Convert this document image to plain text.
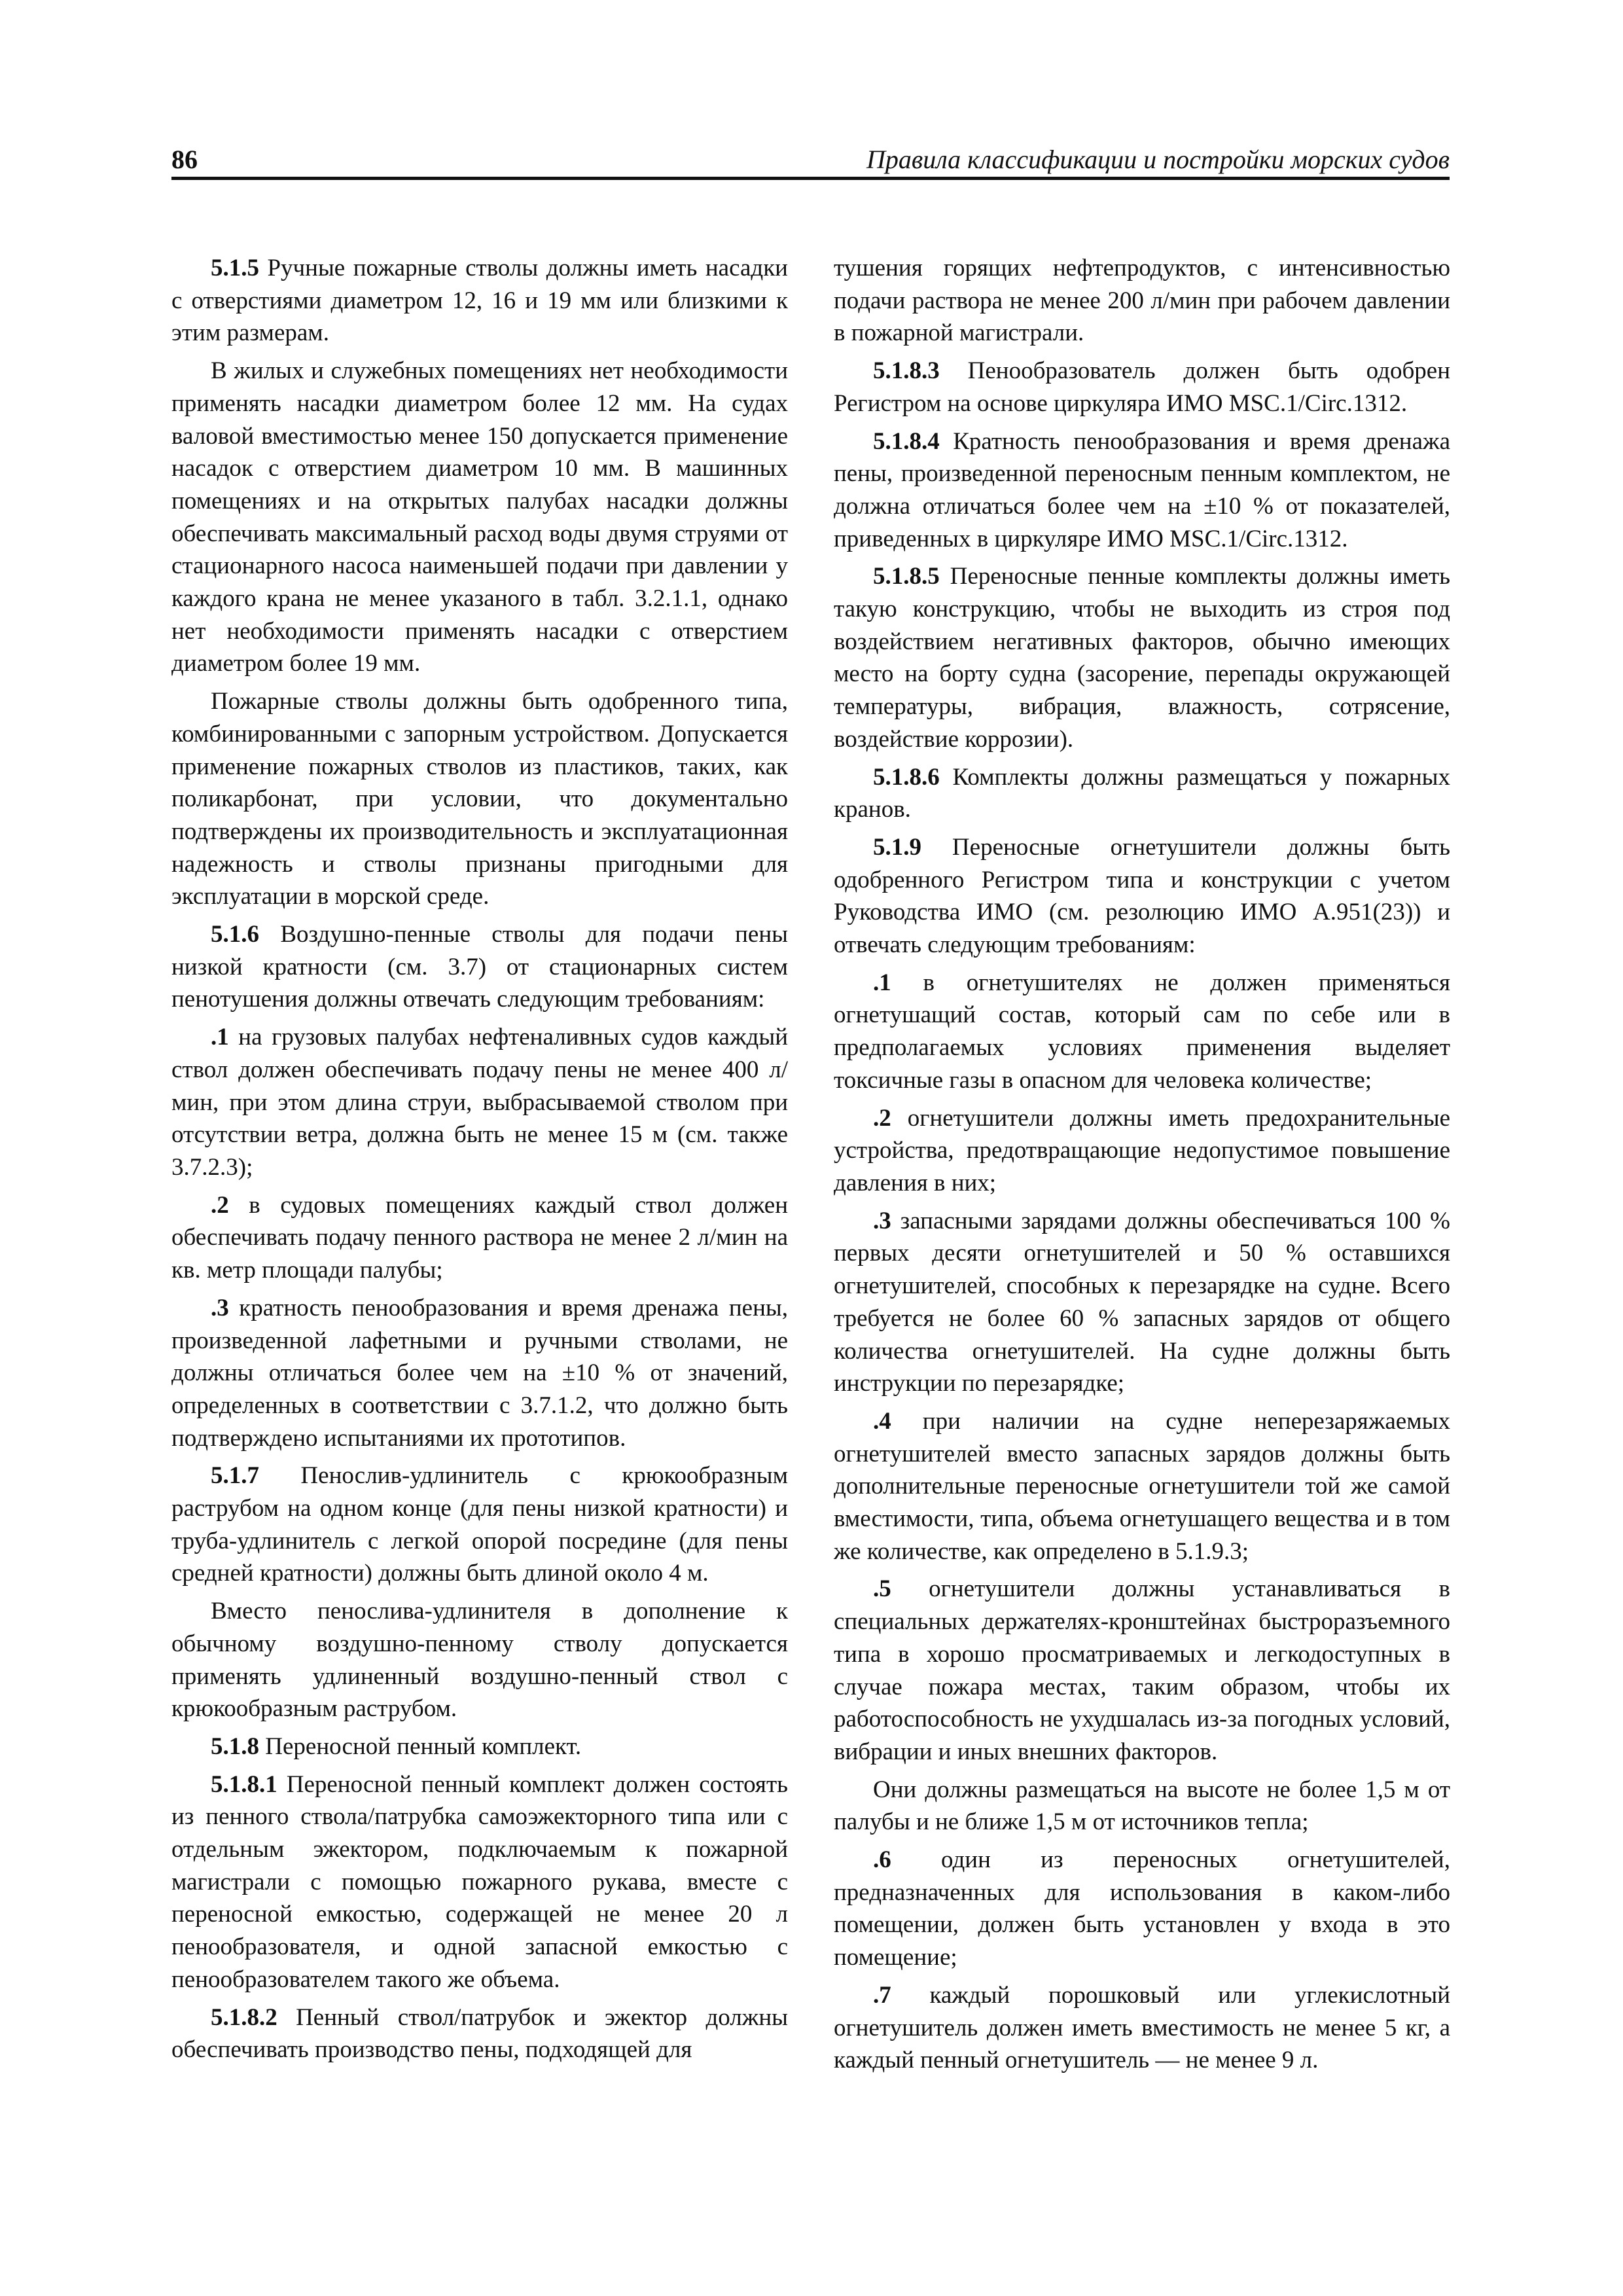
86	Правила классификации и постройки морских судов

5.1.5 Ручные пожарные стволы должны иметь насадки с отверстиями диаметром 12, 16 и 19 мм или близкими к этим размерам.

В жилых и служебных помещениях нет необходимости применять насадки диаметром более 12 мм. На судах валовой вместимостью менее 150 допускается применение насадок с отверстием диаметром 10 мм. В машинных помещениях и на открытых палубах насадки должны обеспечивать максимальный расход воды двумя струями от стационарного насоса наименьшей подачи при давлении у каждого крана не менее указаного в табл. 3.2.1.1, однако нет необходимости применять насадки с отверстием диаметром более 19 мм.

Пожарные стволы должны быть одобренного типа, комбинированными с запорным устройством. Допускается применение пожарных стволов из пластиков, таких, как поликарбонат, при условии, что документально подтверждены их производительность и эксплуатационная надежность и стволы признаны пригодными для эксплуатации в морской среде.

5.1.6 Воздушно-пенные стволы для подачи пены низкой кратности (см. 3.7) от стационарных систем пенотушения должны отвечать следующим требованиям:

.1 на грузовых палубах нефтеналивных судов каждый ствол должен обеспечивать подачу пены не менее 400 л/мин, при этом длина струи, выбрасываемой стволом при отсутствии ветра, должна быть не менее 15 м (см. также 3.7.2.3);

.2 в судовых помещениях каждый ствол должен обеспечивать подачу пенного раствора не менее 2 л/мин на кв. метр площади палубы;

.3 кратность пенообразования и время дренажа пены, произведенной лафетными и ручными стволами, не должны отличаться более чем на ±10 % от значений, определенных в соответствии с 3.7.1.2, что должно быть подтверждено испытаниями их прототипов.

5.1.7 Пенослив-удлинитель с крюкообразным раструбом на одном конце (для пены низкой кратности) и труба-удлинитель с легкой опорой посредине (для пены средней кратности) должны быть длиной около 4 м.

Вместо пенослива-удлинителя в дополнение к обычному воздушно-пенному стволу допускается применять удлиненный воздушно-пенный ствол с крюкообразным раструбом.

5.1.8 Переносной пенный комплект.

5.1.8.1 Переносной пенный комплект должен состоять из пенного ствола/патрубка самоэжекторного типа или с отдельным эжектором, подключаемым к пожарной магистрали с помощью пожарного рукава, вместе с переносной емкостью, содержащей не менее 20 л пенообразователя, и одной запасной емкостью с пенообразователем такого же объема.

5.1.8.2 Пенный ствол/патрубок и эжектор должны обеспечивать производство пены, подходящей для

тушения горящих нефтепродуктов, с интенсивностью подачи раствора не менее 200 л/мин при рабочем давлении в пожарной магистрали.

5.1.8.3 Пенообразователь должен быть одобрен Регистром на основе циркуляра ИМО MSC.1/Circ.1312.

5.1.8.4 Кратность пенообразования и время дренажа пены, произведенной переносным пенным комплектом, не должна отличаться более чем на ±10 % от показателей, приведенных в циркуляре ИМО MSC.1/Circ.1312.

5.1.8.5 Переносные пенные комплекты должны иметь такую конструкцию, чтобы не выходить из строя под воздействием негативных факторов, обычно имеющих место на борту судна (засорение, перепады окружающей температуры, вибрация, влажность, сотрясение, воздействие коррозии).

5.1.8.6 Комплекты должны размещаться у пожарных кранов.

5.1.9 Переносные огнетушители должны быть одобренного Регистром типа и конструкции с учетом Руководства ИМО (см. резолюцию ИМО А.951(23)) и отвечать следующим требованиям:

.1 в огнетушителях не должен применяться огнетушащий состав, который сам по себе или в предполагаемых условиях применения выделяет токсичные газы в опасном для человека количестве;

.2 огнетушители должны иметь предохранительные устройства, предотвращающие недопустимое повышение давления в них;

.3 запасными зарядами должны обеспечиваться 100 % первых десяти огнетушителей и 50 % оставшихся огнетушителей, способных к перезарядке на судне. Всего требуется не более 60 % запасных зарядов от общего количества огнетушителей. На судне должны быть инструкции по перезарядке;

.4 при наличии на судне неперезаряжаемых огнетушителей вместо запасных зарядов должны быть дополнительные переносные огнетушители той же самой вместимости, типа, объема огнетушащего вещества и в том же количестве, как определено в 5.1.9.3;

.5 огнетушители должны устанавливаться в специальных держателях-кронштейнах быстроразъемного типа в хорошо просматриваемых и легкодоступных в случае пожара местах, таким образом, чтобы их работоспособность не ухудшалась из-за погодных условий, вибрации и иных внешних факторов.

Они должны размещаться на высоте не более 1,5 м от палубы и не ближе 1,5 м от источников тепла;

.6 один из переносных огнетушителей, предназначенных для использования в каком-либо помещении, должен быть установлен у входа в это помещение;

.7 каждый порошковый или углекислотный огнетушитель должен иметь вместимость не менее 5 кг, а каждый пенный огнетушитель — не менее 9 л.
